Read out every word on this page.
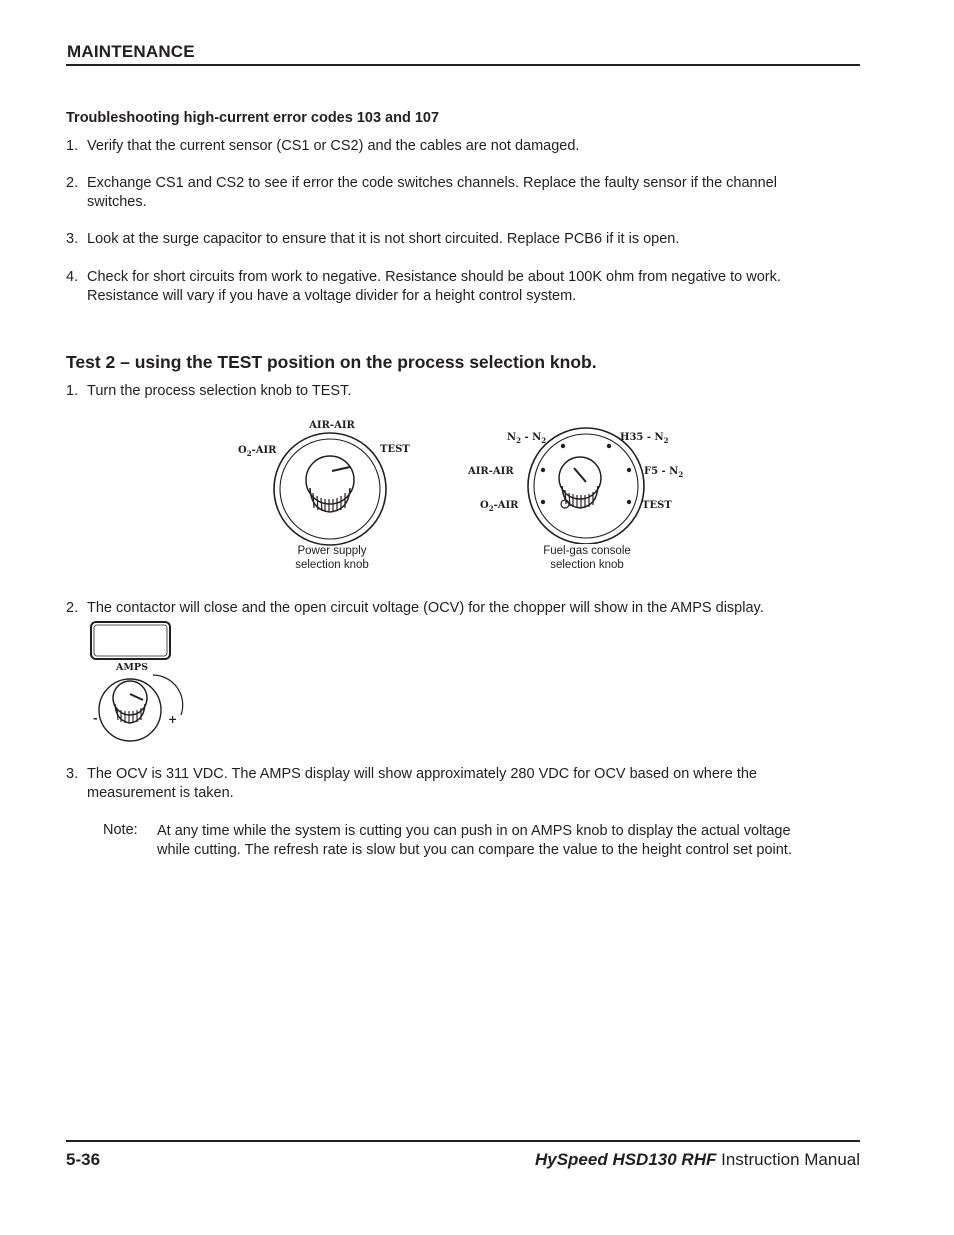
MAINTENANCE
Troubleshooting high-current error codes 103 and 107
1. Verify that the current sensor (CS1 or CS2) and the cables are not damaged.
2. Exchange CS1 and CS2 to see if error the code switches channels. Replace the faulty sensor if the channel switches.
3. Look at the surge capacitor to ensure that it is not short circuited. Replace PCB6 if it is open.
4. Check for short circuits from work to negative. Resistance should be about 100K ohm from negative to work. Resistance will vary if you have a voltage divider for a height control system.
Test 2 – using the TEST position on the process selection knob.
1. Turn the process selection knob to TEST.
AIR-AIR
$O_2$-AIR	TEST
Power supply
selection knob
$N_2 - N_2$	$H35 - N_2$
AIR-AIR	$F5 - N_2$
$O_2$-AIR	TEST
Fuel-gas console
selection knob
2. The contactor will close and the open circuit voltage (OCV) for the chopper will show in the AMPS display.
AMPS
-	+
3. The OCV is 311 VDC. The AMPS display will show approximately 280 VDC for OCV based on where the measurement is taken.
Note: At any time while the system is cutting you can push in on AMPS knob to display the actual voltage while cutting. The refresh rate is slow but you can compare the value to the height control set point.
5-36	HySpeed HSD130 RHF Instruction Manual
